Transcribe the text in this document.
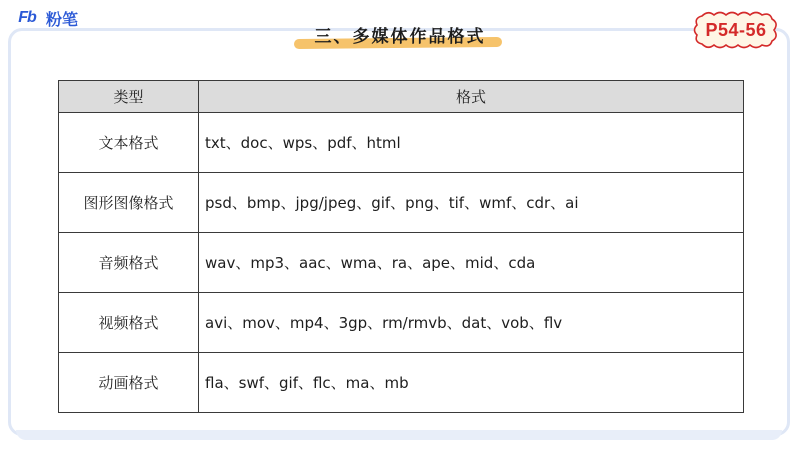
Fb 粉笔
三、多媒体作品格式	P54-56
类型	格式
文本格式	txt、doc、wps、pdf、html
图形图像格式	psd、bmp、jpg/jpeg、gif、png、tif、wmf、cdr、ai
音频格式	wav、mp3、aac、wma、ra、ape、mid、cda
视频格式	avi、mov、mp4、3gp、rm/rmvb、dat、vob、flv
动画格式	fla、swf、gif、flc、ma、mb
